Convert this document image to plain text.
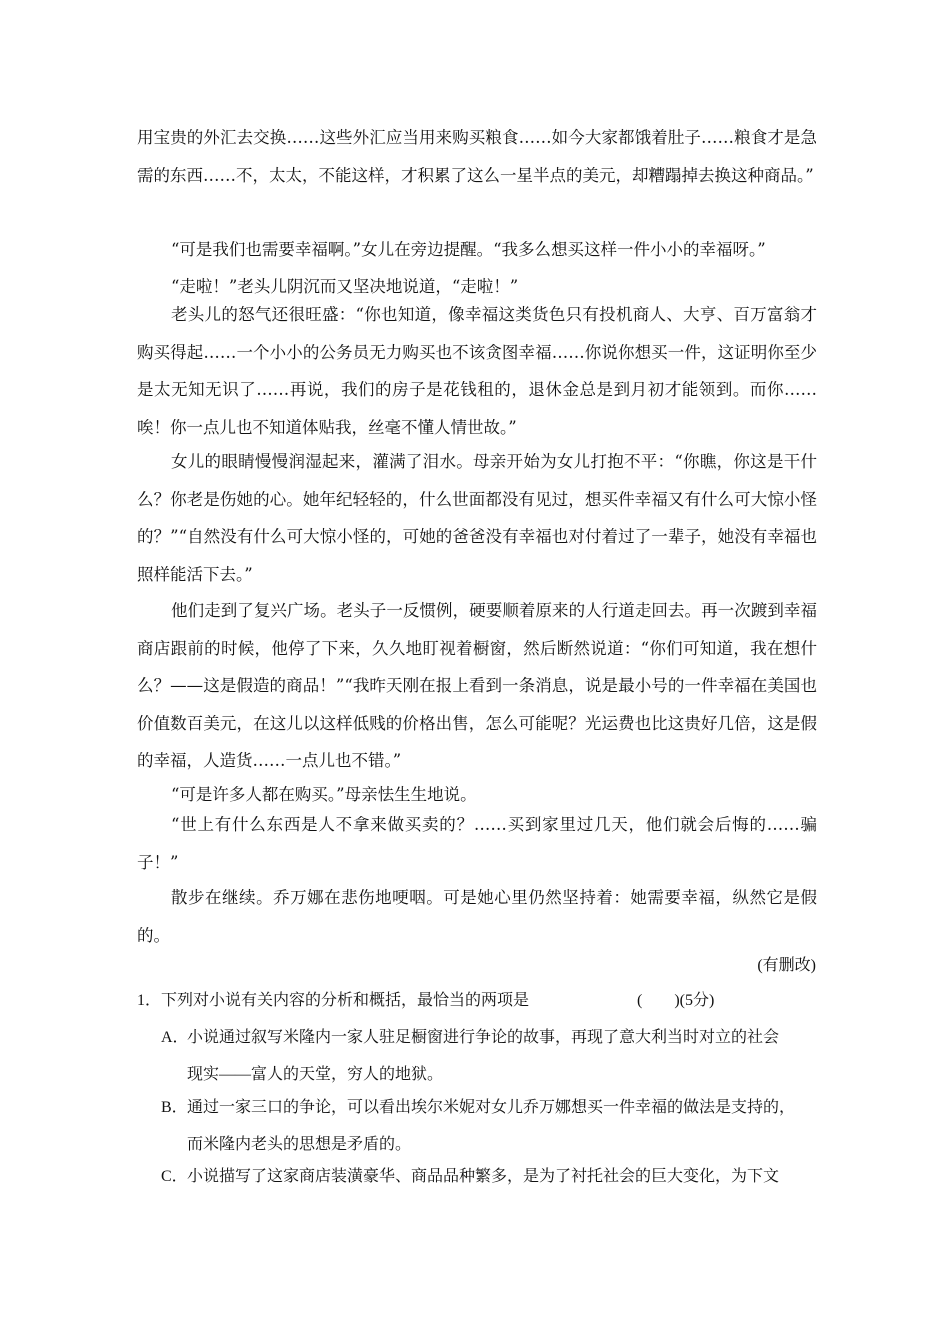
用宝贵的外汇去交换……这些外汇应当用来购买粮食……如今大家都饿着肚子……粮食才是急需的东西……不，太太，不能这样，才积累了这么一星半点的美元，却糟蹋掉去换这种商品。”

“可是我们也需要幸福啊。”女儿在旁边提醒。“我多么想买这样一件小小的幸福呀。”

“走啦！”老头儿阴沉而又坚决地说道，“走啦！”

老头儿的怒气还很旺盛：“你也知道，像幸福这类货色只有投机商人、大亨、百万富翁才购买得起……一个小小的公务员无力购买也不该贪图幸福……你说你想买一件，这证明你至少是太无知无识了……再说，我们的房子是花钱租的，退休金总是到月初才能领到。而你……唉！你一点儿也不知道体贴我，丝毫不懂人情世故。”

女儿的眼睛慢慢润湿起来，灌满了泪水。母亲开始为女儿打抱不平：“你瞧，你这是干什么？你老是伤她的心。她年纪轻轻的，什么世面都没有见过，想买件幸福又有什么可大惊小怪的？”“自然没有什么可大惊小怪的，可她的爸爸没有幸福也对付着过了一辈子，她没有幸福也照样能活下去。”

他们走到了复兴广场。老头子一反惯例，硬要顺着原来的人行道走回去。再一次踱到幸福商店跟前的时候，他停了下来，久久地盯视着橱窗，然后断然说道：“你们可知道，我在想什么？——这是假造的商品！”“我昨天刚在报上看到一条消息，说是最小号的一件幸福在美国也价值数百美元，在这儿以这样低贱的价格出售，怎么可能呢？光运费也比这贵好几倍，这是假的幸福，人造货……一点儿也不错。”

“可是许多人都在购买。”母亲怯生生地说。

“世上有什么东西是人不拿来做买卖的？……买到家里过几天，他们就会后悔的……骗子！”

散步在继续。乔万娜在悲伤地哽咽。可是她心里仍然坚持着：她需要幸福，纵然它是假的。

(有删改)

1．下列对小说有关内容的分析和概括，最恰当的两项是	(　　)(5分)
A．小说通过叙写米隆内一家人驻足橱窗进行争论的故事，再现了意大利当时对立的社会
现实——富人的天堂，穷人的地狱。
B．通过一家三口的争论，可以看出埃尔米妮对女儿乔万娜想买一件幸福的做法是支持的，
而米隆内老头的思想是矛盾的。
C．小说描写了这家商店装潢豪华、商品品种繁多，是为了衬托社会的巨大变化，为下文
